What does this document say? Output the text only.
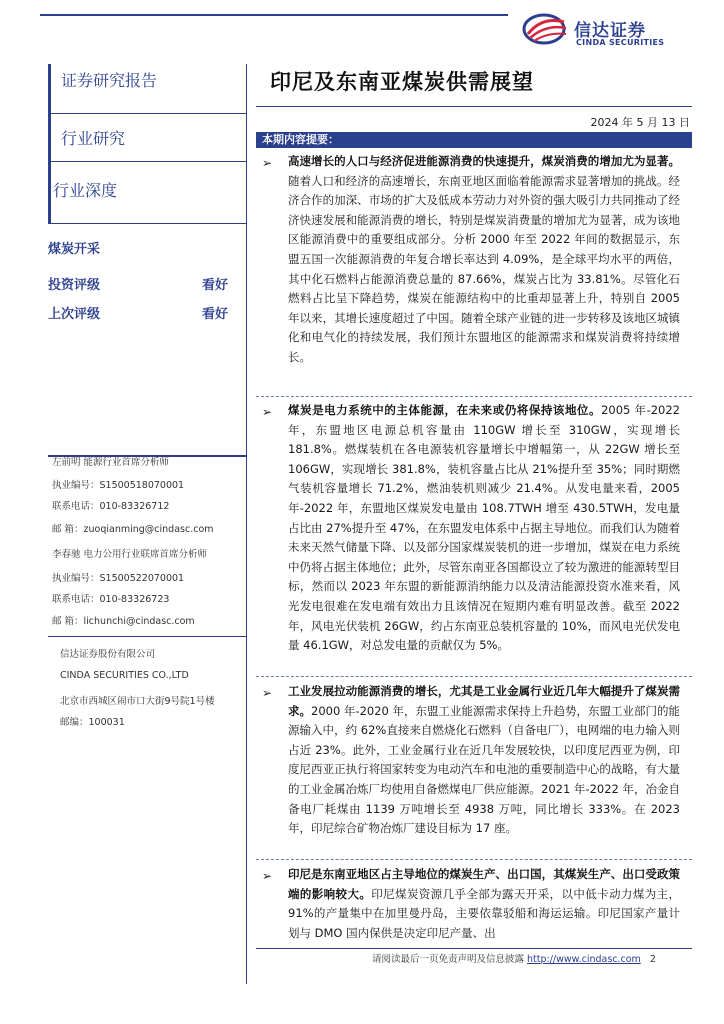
信达证券
CINDA SECURITIES
证券研究报告
行业研究
行业深度
煤炭开采
投资评级	看好
上次评级	看好
左前明 能源行业首席分析师
执业编号：S1500518070001
联系电话：010-83326712
邮 箱：zuoqianming@cindasc.com
李春驰 电力公用行业联席首席分析师
执业编号：S1500522070001
联系电话：010-83326723
邮 箱：lichunchi@cindasc.com
信达证券股份有限公司
CINDA SECURITIES CO.,LTD
北京市西城区闹市口大街9号院1号楼
邮编：100031
印尼及东南亚煤炭供需展望
2024 年 5 月 13 日
本期内容提要：
➢ 高速增长的人口与经济促进能源消费的快速提升，煤炭消费的增加尤为显著。随着人口和经济的高速增长，东南亚地区面临着能源需求显著增加的挑战。经济合作的加深、市场的扩大及低成本劳动力对外资的强大吸引力共同推动了经济快速发展和能源消费的增长，特别是煤炭消费量的增加尤为显著，成为该地区能源消费中的重要组成部分。分析 2000 年至 2022 年间的数据显示，东盟五国一次能源消费的年复合增长率达到 4.09%，是全球平均水平的两倍，其中化石燃料占能源消费总量的 87.66%，煤炭占比为 33.81%。尽管化石燃料占比呈下降趋势，煤炭在能源结构中的比重却显著上升，特别自 2005 年以来，其增长速度超过了中国。随着全球产业链的进一步转移及该地区城镇化和电气化的持续发展，我们预计东盟地区的能源需求和煤炭消费将持续增长。

➢ 煤炭是电力系统中的主体能源，在未来或仍将保持该地位。2005 年-2022 年，东盟地区电源总机容量由 110GW 增长至 310GW，实现增长 181.8%。燃煤装机在各电源装机容量增长中增幅第一，从 22GW 增长至 106GW，实现增长 381.8%，装机容量占比从 21%提升至 35%；同时期燃气装机容量增长 71.2%，燃油装机则减少 21.4%。从发电量来看，2005 年-2022 年，东盟地区煤炭发电量由 108.7TWH 增至 430.5TWH，发电量占比由 27%提升至 47%，在东盟发电体系中占据主导地位。而我们认为随着未来天然气储量下降、以及部分国家煤炭装机的进一步增加，煤炭在电力系统中仍将占据主体地位；此外，尽管东南亚各国都设立了较为激进的能源转型目标，然而以 2023 年东盟的新能源消纳能力以及清洁能源投资水准来看，风光发电很难在发电端有效出力且该情况在短期内难有明显改善。截至 2022 年，风电光伏装机 26GW，约占东南亚总装机容量的 10%，而风电光伏发电量 46.1GW，对总发电量的贡献仅为 5%。

➢ 工业发展拉动能源消费的增长，尤其是工业金属行业近几年大幅提升了煤炭需求。2000 年-2020 年，东盟工业能源需求保持上升趋势，东盟工业部门的能源输入中，约 62%直接来自燃烧化石燃料（自备电厂），电网端的电力输入则占近 23%。此外，工业金属行业在近几年发展较快，以印度尼西亚为例，印度尼西亚正执行将国家转变为电动汽车和电池的重要制造中心的战略，有大量的工业金属冶炼厂均使用自备燃煤电厂供应能源。2021 年-2022 年，冶金自备电厂耗煤由 1139 万吨增长至 4938 万吨，同比增长 333%。在 2023 年，印尼综合矿物冶炼厂建设目标为 17 座。

➢ 印尼是东南亚地区占主导地位的煤炭生产、出口国，其煤炭生产、出口受政策端的影响较大。印尼煤炭资源几乎全部为露天开采，以中低卡动力煤为主，91%的产量集中在加里曼丹岛，主要依靠驳船和海运运输。印尼国家产量计划与 DMO 国内保供是决定印尼产量、出

请阅读最后一页免责声明及信息披露 http://www.cindasc.com 2
